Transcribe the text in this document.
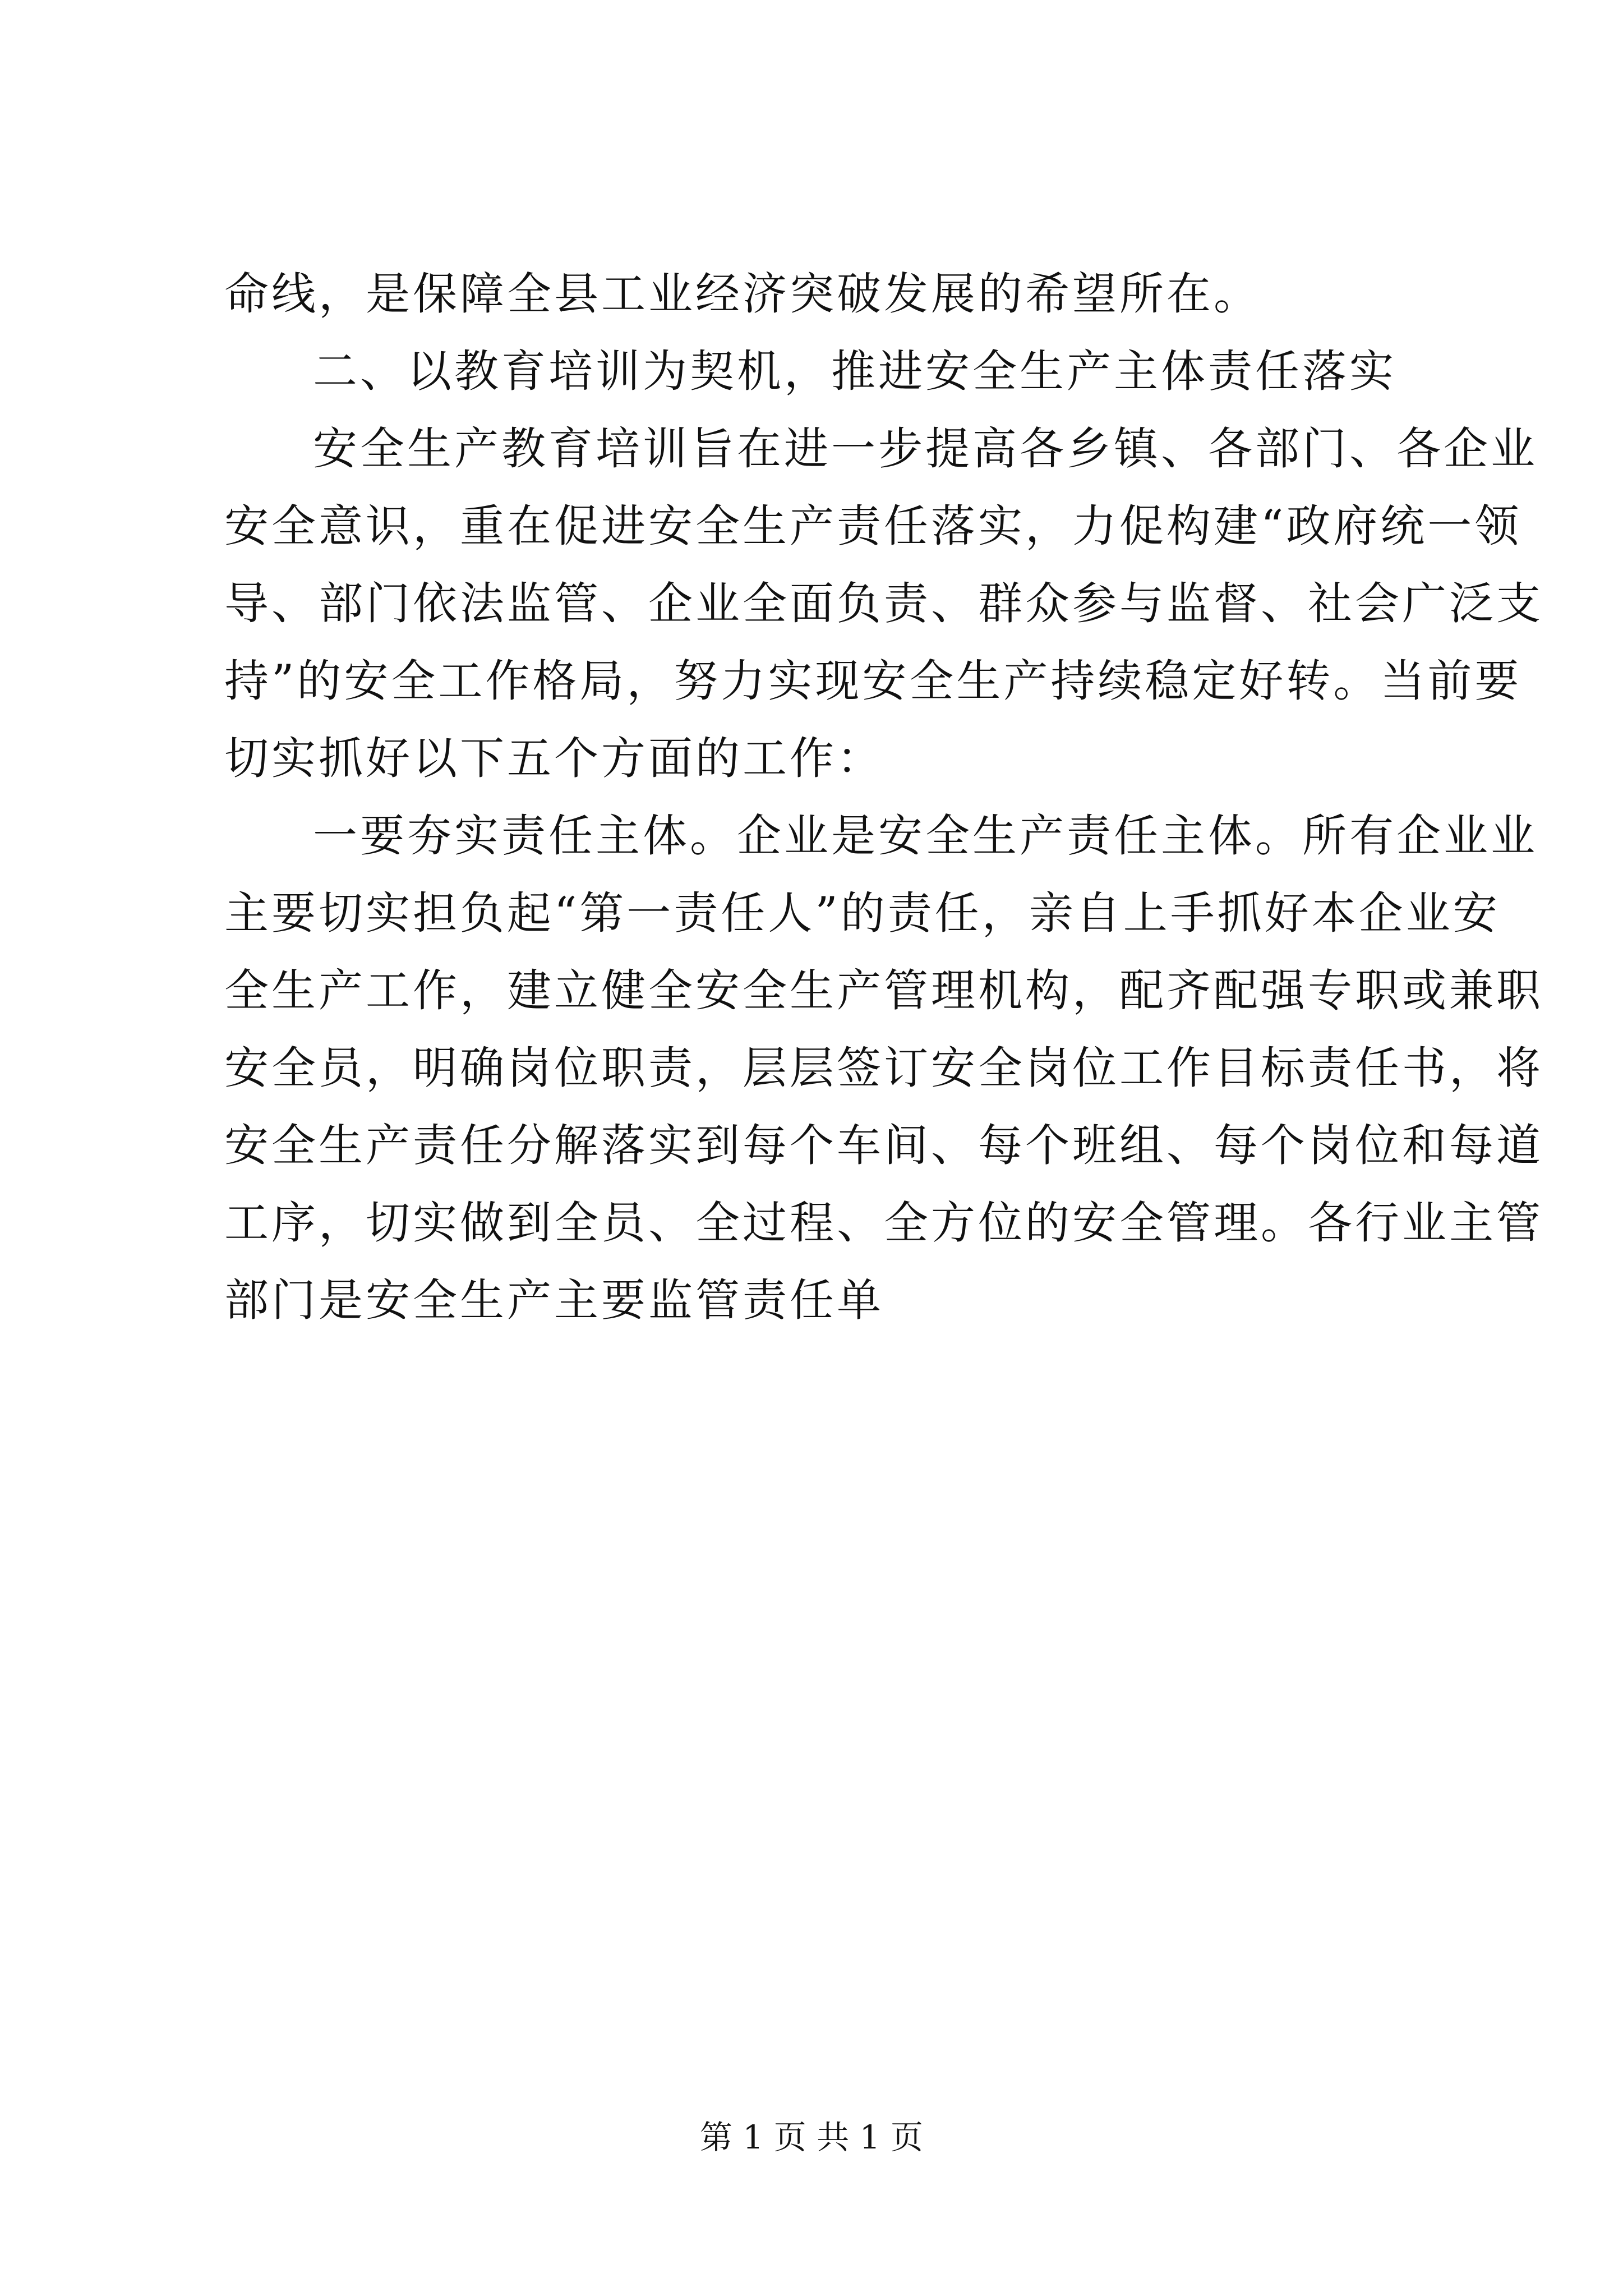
命线，是保障全县工业经济突破发展的希望所在。
二、以教育培训为契机，推进安全生产主体责任落实
安全生产教育培训旨在进一步提高各乡镇、各部门、各企业
安全意识，重在促进安全生产责任落实，力促构建“政府统一领
导、部门依法监管、企业全面负责、群众参与监督、社会广泛支
持”的安全工作格局，努力实现安全生产持续稳定好转。当前要
切实抓好以下五个方面的工作：
一要夯实责任主体。企业是安全生产责任主体。所有企业业
主要切实担负起“第一责任人”的责任，亲自上手抓好本企业安
全生产工作，建立健全安全生产管理机构，配齐配强专职或兼职
安全员，明确岗位职责，层层签订安全岗位工作目标责任书，将
安全生产责任分解落实到每个车间、每个班组、每个岗位和每道
工序，切实做到全员、全过程、全方位的安全管理。各行业主管
部门是安全生产主要监管责任单
第 1 页 共 1 页
